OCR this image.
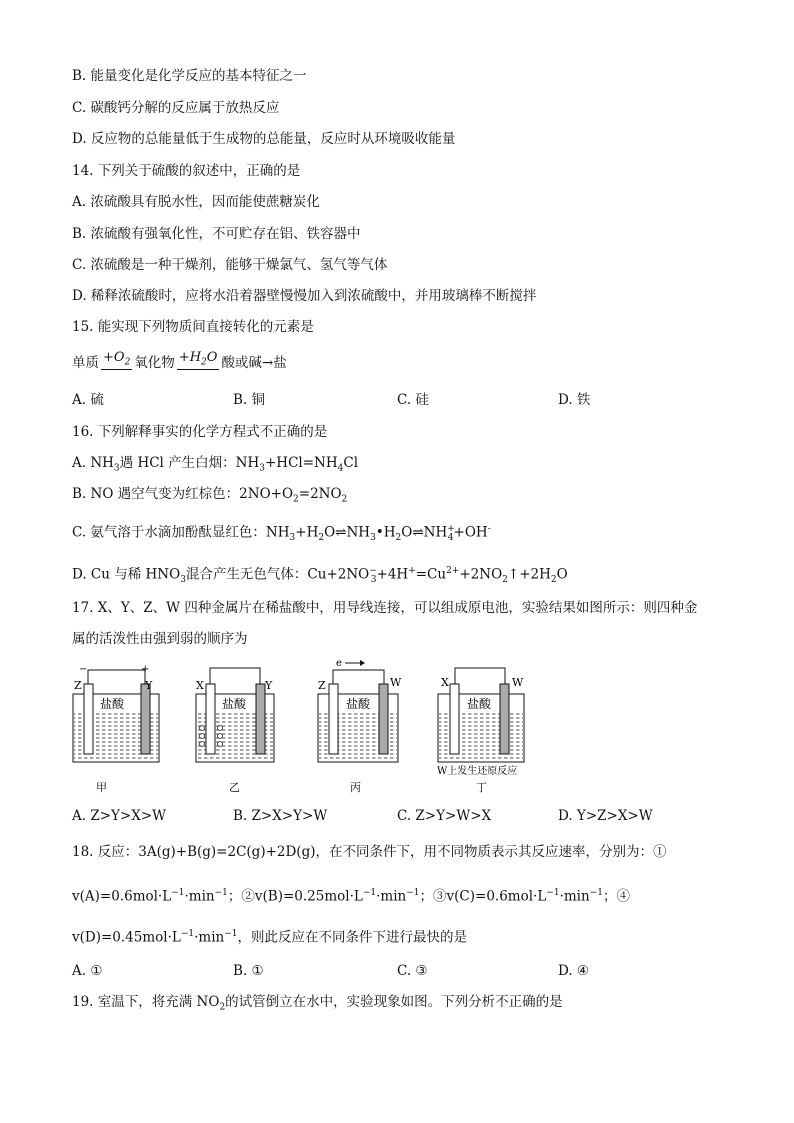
B. 能量变化是化学反应的基本特征之一
C. 碳酸钙分解的反应属于放热反应
D. 反应物的总能量低于生成物的总能量，反应时从环境吸收能量
14. 下列关于硫酸的叙述中，正确的是
A. 浓硫酸具有脱水性，因而能使蔗糖炭化
B. 浓硫酸有强氧化性，不可贮存在铝、铁容器中
C. 浓硫酸是一种干燥剂，能够干燥氯气、氢气等气体
D. 稀释浓硫酸时，应将水沿着器壁慢慢加入到浓硫酸中，并用玻璃棒不断搅拌
15. 能实现下列物质间直接转化的元素是
单质 $+O_2$ 氧化物 $+H_2O$ 酸或碱→盐
A. 硫	B. 铜	C. 硅	D. 铁
16. 下列解释事实的化学方程式不正确的是
A. $NH_3$遇 HCl 产生白烟：$NH_3+HCl=NH_4Cl$
B. NO 遇空气变为红棕色：$2NO+O_2=2NO_2$
C. 氨气溶于水滴加酚酞显红色：$NH_3+H_2O\rightleftharpoons NH_3•H_2O\rightleftharpoons NH^+_4+OH^-$
D. Cu 与稀 $HNO_3$混合产生无色气体：$Cu+2NO^-_3+4H^+=Cu^{2+}+2NO_2↑+2H_2O$
17. X、Y、Z、W 四种金属片在稀盐酸中，用导线连接，可以组成原电池，实验结果如图所示：则四种金
属的活泼性由强到弱的顺序为
−	+
Z	Y
盐酸
甲
X	Y
盐酸
乙
e
Z	W
盐酸
丙
X	W
盐酸
W上发生还原反应
丁
A. Z>Y>X>W	B. Z>X>Y>W	C. Z>Y>W>X	D. Y>Z>X>W
18. 反应：3A(g)+B(g)=2C(g)+2D(g)，在不同条件下，用不同物质表示其反应速率，分别为：①
$v(A)=0.6mol\cdot L^{-1}\cdot\min^{-1}$；$②v(B)=0.25mol\cdot L^{-1}\cdot\min^{-1}$；$③v(C)=0.6mol\cdot L^{-1}\cdot\min^{-1}$；④
$v(D)=0.45mol\cdot L^{-1}\cdot\min^{-1}$，则此反应在不同条件下进行最快的是
A. ①	B. ①	C. ③	D. ④
19. 室温下，将充满 $NO_2$的试管倒立在水中，实验现象如图。下列分析不正确的是
